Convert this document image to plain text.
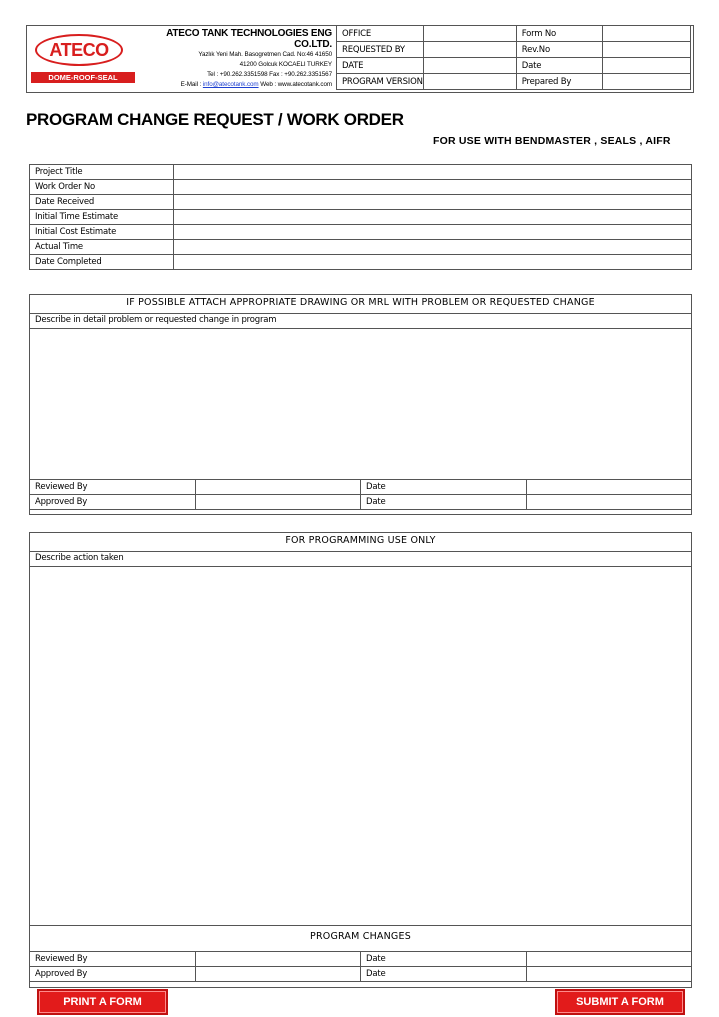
ATECO
DOME-ROOF-SEAL
ATECO TANK TECHNOLOGIES ENG CO.LTD.
Yazlık Yeni Mah. Basogretmen Cad. No:46 41650
41200 Golcuk KOCAELI TURKEY
Tel : +90.262.3351598 Fax : +90.262.3351567
E-Mail : info@atecotank.com Web : www.atecotank.com
OFFICE		Form No	
REQUESTED BY		Rev.No	
DATE		Date	
PROGRAM VERSION		Prepared By	
PROGRAM CHANGE REQUEST / WORK ORDER
FOR USE WITH BENDMASTER , SEALS , AIFR
Project Title	
Work Order No	
Date Received	
Initial Time Estimate	
Initial Cost Estimate	
Actual Time	
Date Completed	
IF POSSIBLE ATTACH APPROPRIATE DRAWING OR MRL WITH PROBLEM OR REQUESTED CHANGE
Describe in detail problem or requested change in program
Reviewed By		Date	
Approved By		Date	
FOR PROGRAMMING USE ONLY
Describe action taken
PROGRAM CHANGES
Reviewed By		Date	
Approved By		Date	
PRINT A FORM	SUBMIT A FORM
